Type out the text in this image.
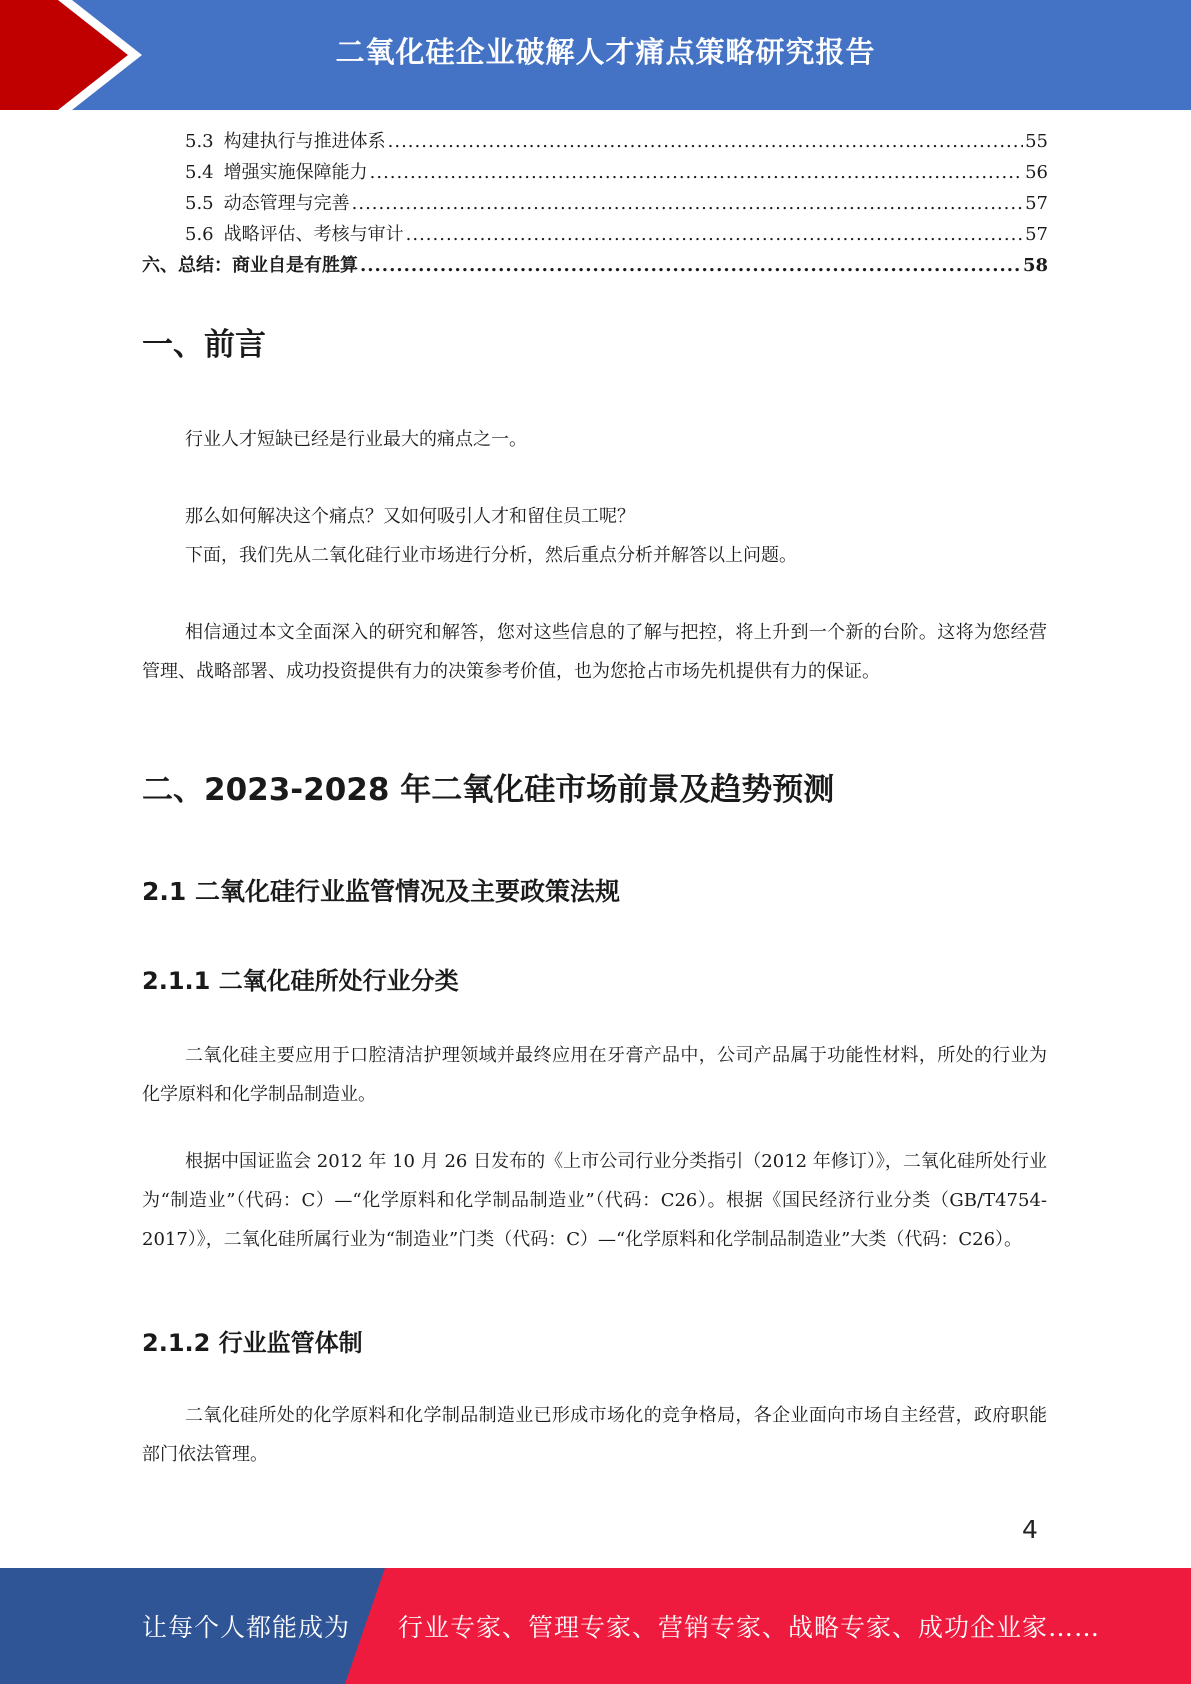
二氧化硅企业破解人才痛点策略研究报告
5.3 构建执行与推进体系 .....	55
5.4 增强实施保障能力 .....	56
5.5 动态管理与完善 .....	57
5.6 战略评估、考核与审计 .....	57
六、总结：商业自是有胜算 .....	58
一、前言

行业人才短缺已经是行业最大的痛点之一。

那么如何解决这个痛点？又如何吸引人才和留住员工呢？

下面，我们先从二氧化硅行业市场进行分析，然后重点分析并解答以上问题。

相信通过本文全面深入的研究和解答，您对这些信息的了解与把控，将上升到一个新的台阶。这将为您经营管理、战略部署、成功投资提供有力的决策参考价值，也为您抢占市场先机提供有力的保证。

二、2023-2028 年二氧化硅市场前景及趋势预测
2.1 二氧化硅行业监管情况及主要政策法规
2.1.1 二氧化硅所处行业分类

二氧化硅主要应用于口腔清洁护理领域并最终应用在牙膏产品中，公司产品属于功能性材料，所处的行业为化学原料和化学制品制造业。

根据中国证监会 2012 年 10 月 26 日发布的《上市公司行业分类指引（2012 年修订）》，二氧化硅所处行业为“制造业”（代码：C）—“化学原料和化学制品制造业”（代码：C26）。根据《国民经济行业分类（GB/T4754-2017）》，二氧化硅所属行业为“制造业”门类（代码：C）—“化学原料和化学制品制造业”大类（代码：C26）。

2.1.2 行业监管体制

二氧化硅所处的化学原料和化学制品制造业已形成市场化的竞争格局，各企业面向市场自主经营，政府职能部门依法管理。

4
让每个人都能成为 行业专家、管理专家、营销专家、战略专家、成功企业家……
